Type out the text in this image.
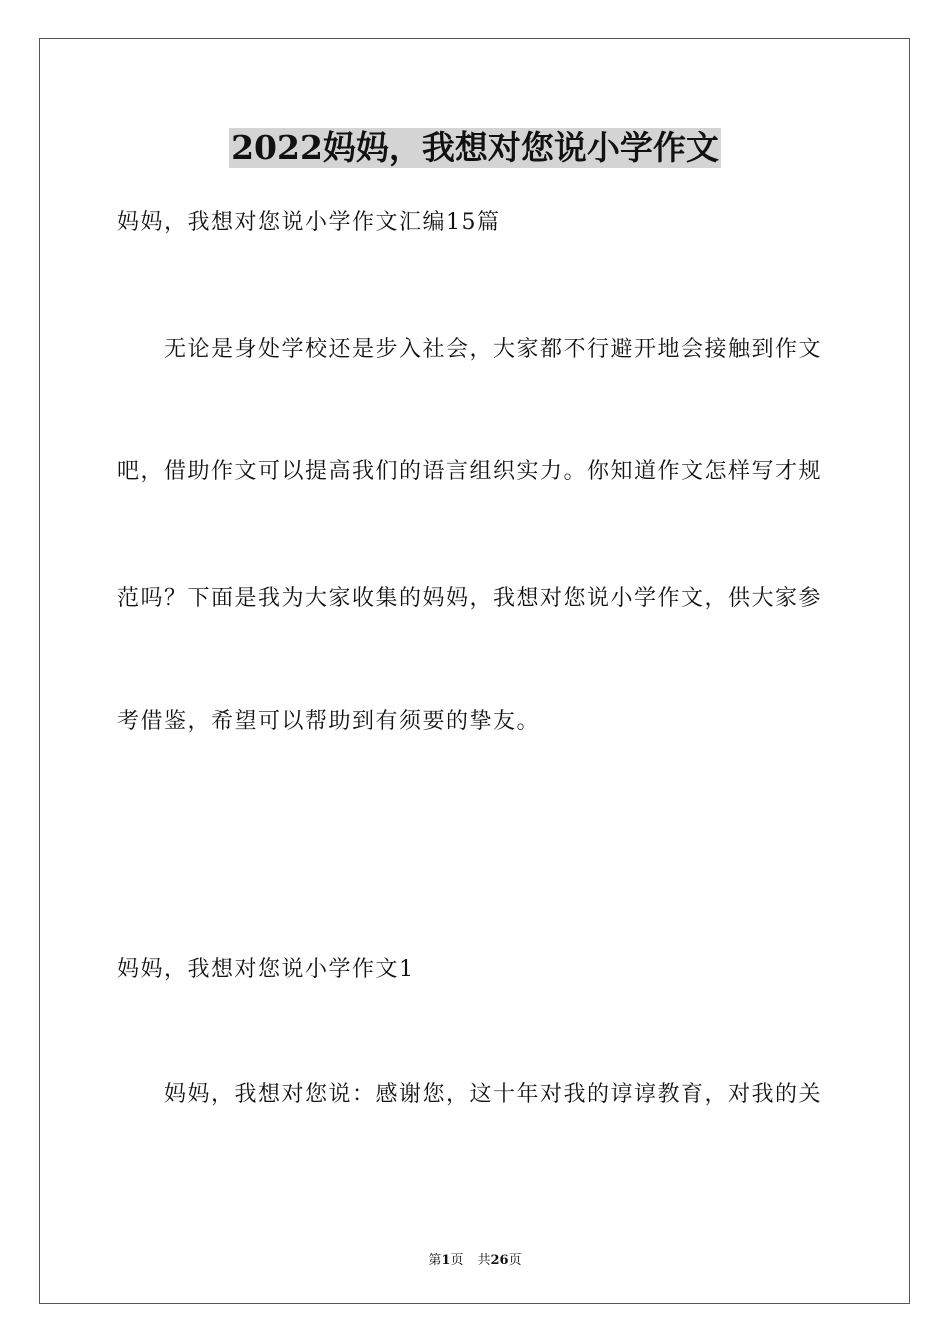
2022妈妈，我想对您说小学作文
妈妈，我想对您说小学作文汇编15篇
无论是身处学校还是步入社会，大家都不行避开地会接触到作文
吧，借助作文可以提高我们的语言组织实力。你知道作文怎样写才规
范吗？下面是我为大家收集的妈妈，我想对您说小学作文，供大家参
考借鉴，希望可以帮助到有须要的挚友。
妈妈，我想对您说小学作文1
妈妈，我想对您说：感谢您，这十年对我的谆谆教育，对我的关
第1页 共26页
